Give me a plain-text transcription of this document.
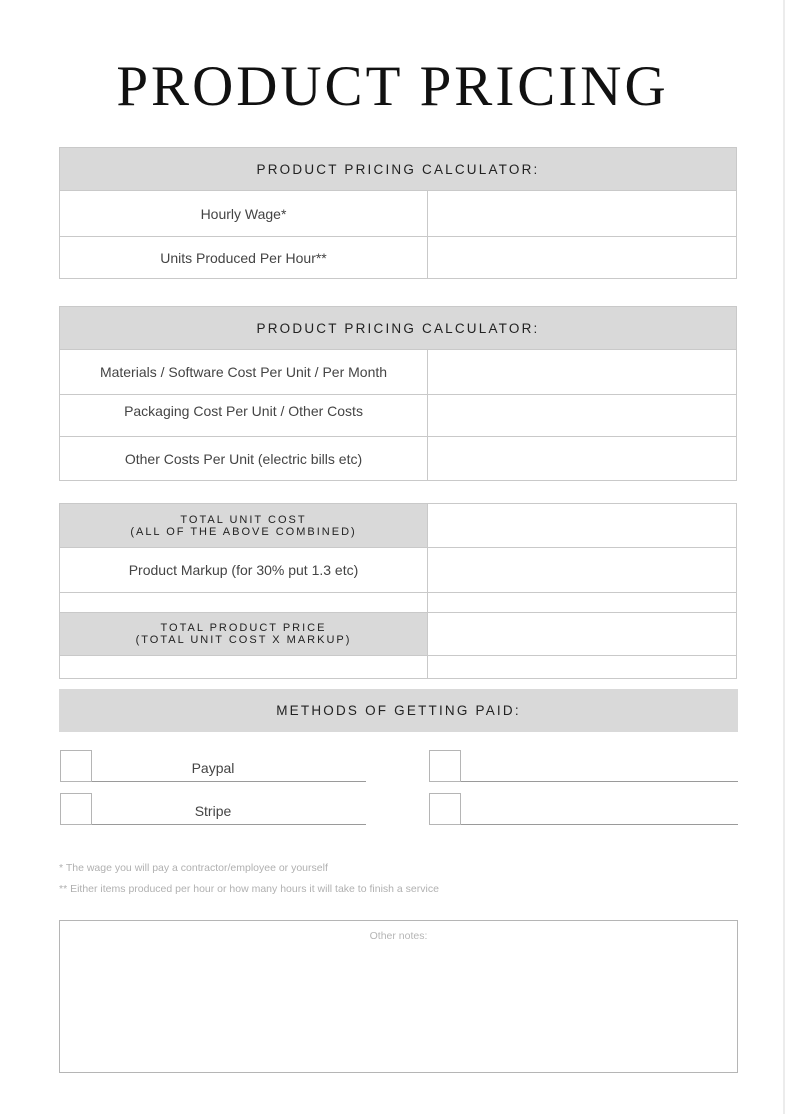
PRODUCT PRICING
PRODUCT PRICING CALCULATOR:
Hourly Wage*
Units Produced Per Hour**
PRODUCT PRICING CALCULATOR:
Materials / Software Cost Per Unit / Per Month
Packaging Cost Per Unit / Other Costs
Other Costs Per Unit (electric bills etc)
TOTAL UNIT COST
(ALL OF THE ABOVE COMBINED)
Product Markup (for 30% put 1.3 etc)
TOTAL PRODUCT PRICE
(TOTAL UNIT COST X MARKUP)
METHODS OF GETTING PAID:
Paypal
Stripe
* The wage you will pay a contractor/employee or yourself
** Either items produced per hour or how many hours it will take to finish a service
Other notes:
